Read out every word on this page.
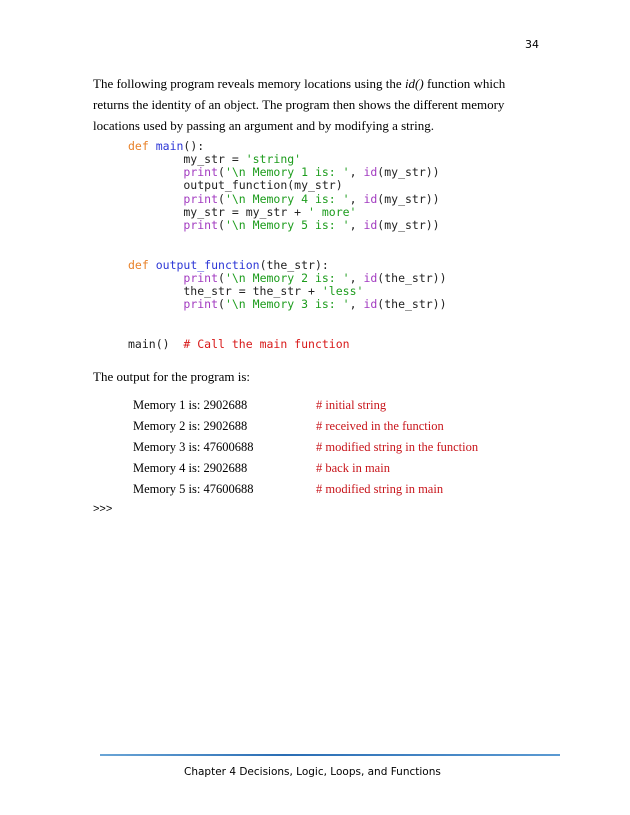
34

The following program reveals memory locations using the id() function which returns the identity of an object. The program then shows the different memory locations used by passing an argument and by modifying a string.

def main():
my_str = 'string'
print('\n Memory 1 is: ', id(my_str))
output_function(my_str)
print('\n Memory 4 is: ', id(my_str))
my_str = my_str + ' more'
print('\n Memory 5 is: ', id(my_str))
def output_function(the_str):
print('\n Memory 2 is: ', id(the_str))
the_str = the_str + 'less'
print('\n Memory 3 is: ', id(the_str))
main() # Call the main function
The output for the program is:
Memory 1 is: 2902688	# initial string
Memory 2 is: 2902688	# received in the function
Memory 3 is: 47600688	# modified string in the function
Memory 4 is: 2902688	# back in main
Memory 5 is: 47600688	# modified string in main
>>>
Chapter 4 Decisions, Logic, Loops, and Functions
